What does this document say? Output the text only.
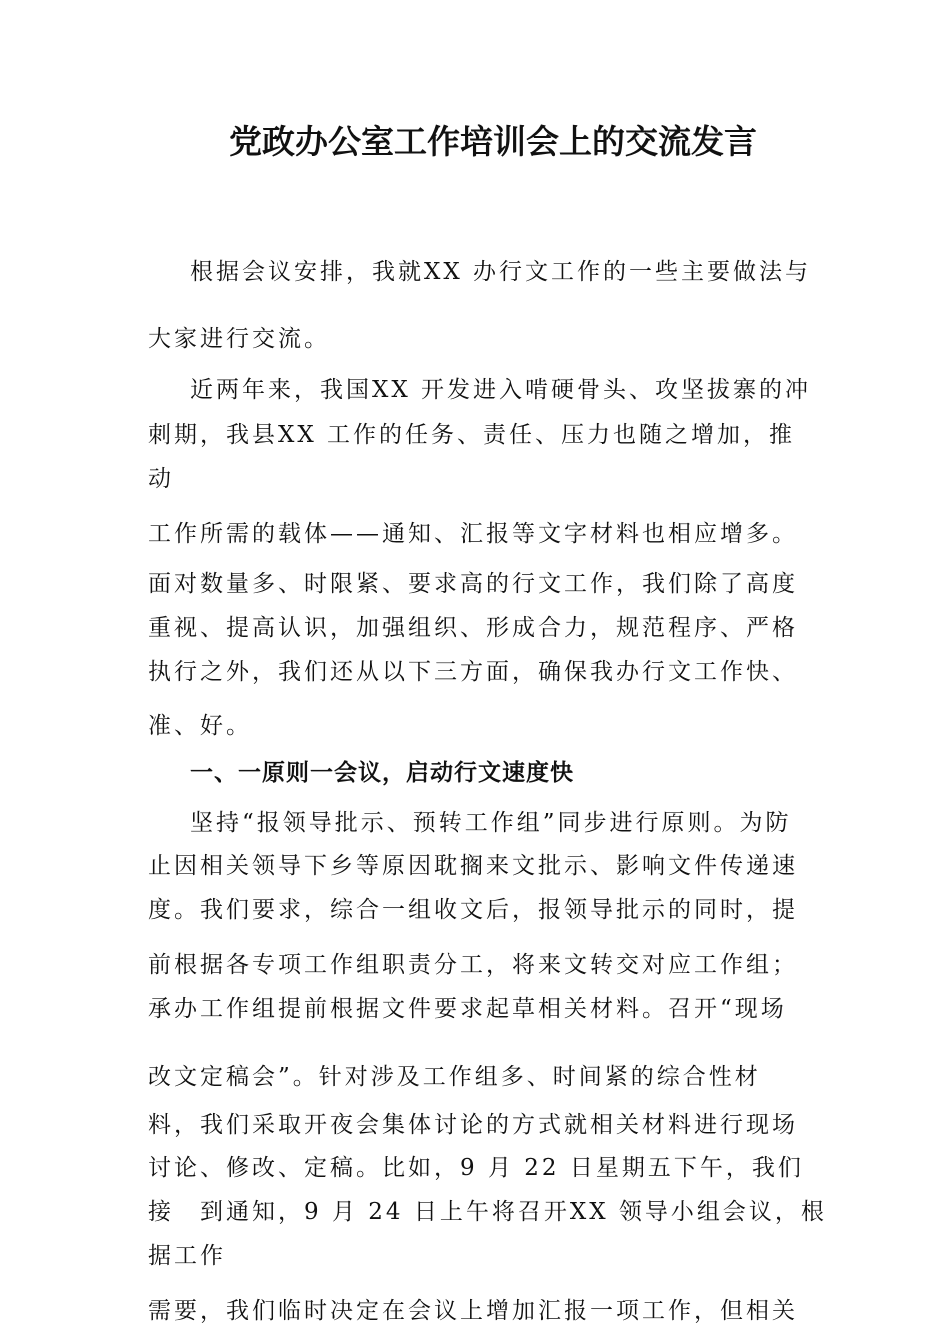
党政办公室工作培训会上的交流发言
根据会议安排，我就XX 办行文工作的一些主要做法与
大家进行交流。
近两年来，我国XX 开发进入啃硬骨头、攻坚拔寨的冲
刺期，我县XX 工作的任务、责任、压力也随之增加，推
动
工作所需的载体——通知、汇报等文字材料也相应增多。
面对数量多、时限紧、要求高的行文工作，我们除了高度
重视、提高认识，加强组织、形成合力，规范程序、严格
执行之外，我们还从以下三方面，确保我办行文工作快、
准、好。
一、一原则一会议，启动行文速度快
坚持“报领导批示、预转工作组”同步进行原则。为防
止因相关领导下乡等原因耽搁来文批示、影响文件传递速
度。我们要求，综合一组收文后，报领导批示的同时，提
前根据各专项工作组职责分工，将来文转交对应工作组；
承办工作组提前根据文件要求起草相关材料。召开“现场
改文定稿会”。针对涉及工作组多、时间紧的综合性材
料，我们采取开夜会集体讨论的方式就相关材料进行现场
讨论、修改、定稿。比如，9 月 22 日星期五下午，我们
接　到通知，9 月 24 日上午将召开XX 领导小组会议，根
据工作
需要，我们临时决定在会议上增加汇报一项工作，但相关
